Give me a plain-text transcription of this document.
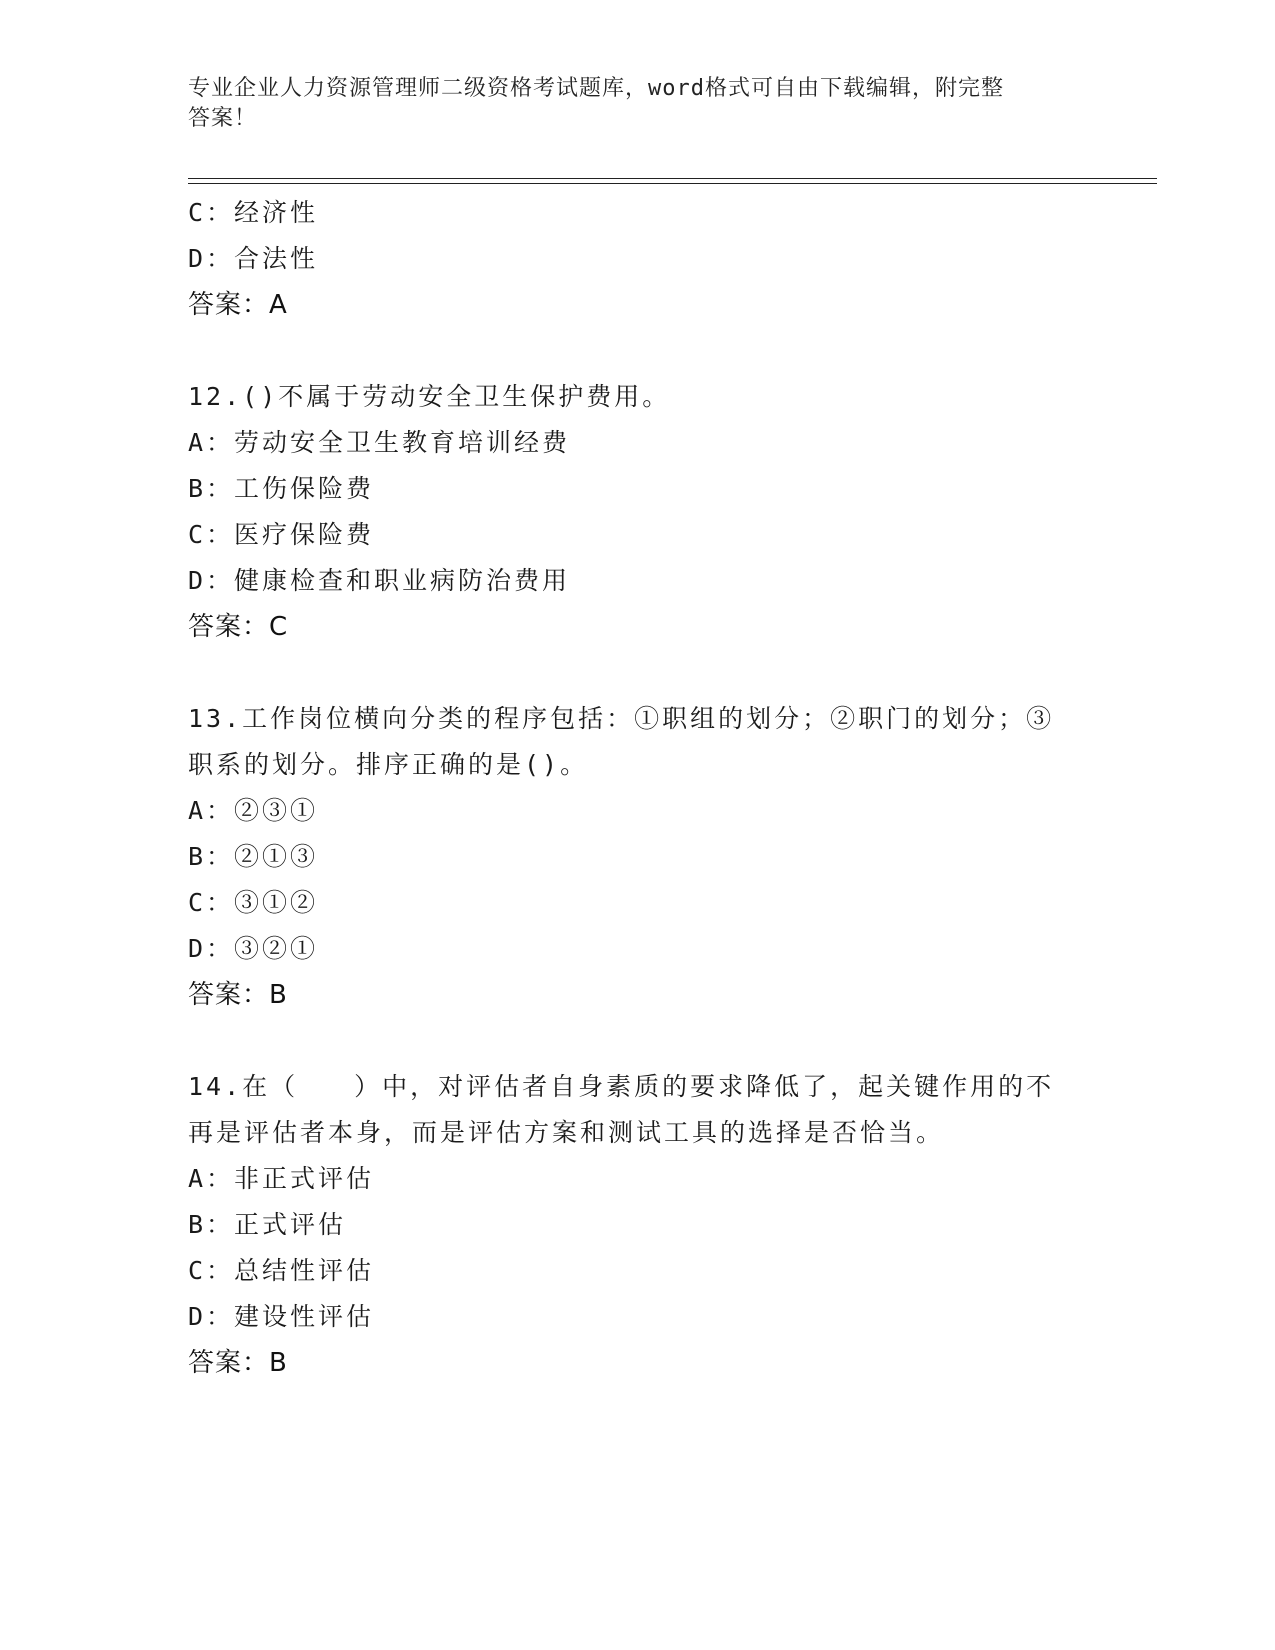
专业企业人力资源管理师二级资格考试题库，word格式可自由下载编辑，附完整
答案！
C：经济性
D：合法性
答案：A
12.()不属于劳动安全卫生保护费用。
A：劳动安全卫生教育培训经费
B：工伤保险费
C：医疗保险费
D：健康检查和职业病防治费用
答案：C
13.工作岗位横向分类的程序包括：①职组的划分；②职门的划分；③
职系的划分。排序正确的是()。
A：②③①
B：②①③
C：③①②
D：③②①
答案：B
14.在（　　）中，对评估者自身素质的要求降低了，起关键作用的不
再是评估者本身，而是评估方案和测试工具的选择是否恰当。
A：非正式评估
B：正式评估
C：总结性评估
D：建设性评估
答案：B
